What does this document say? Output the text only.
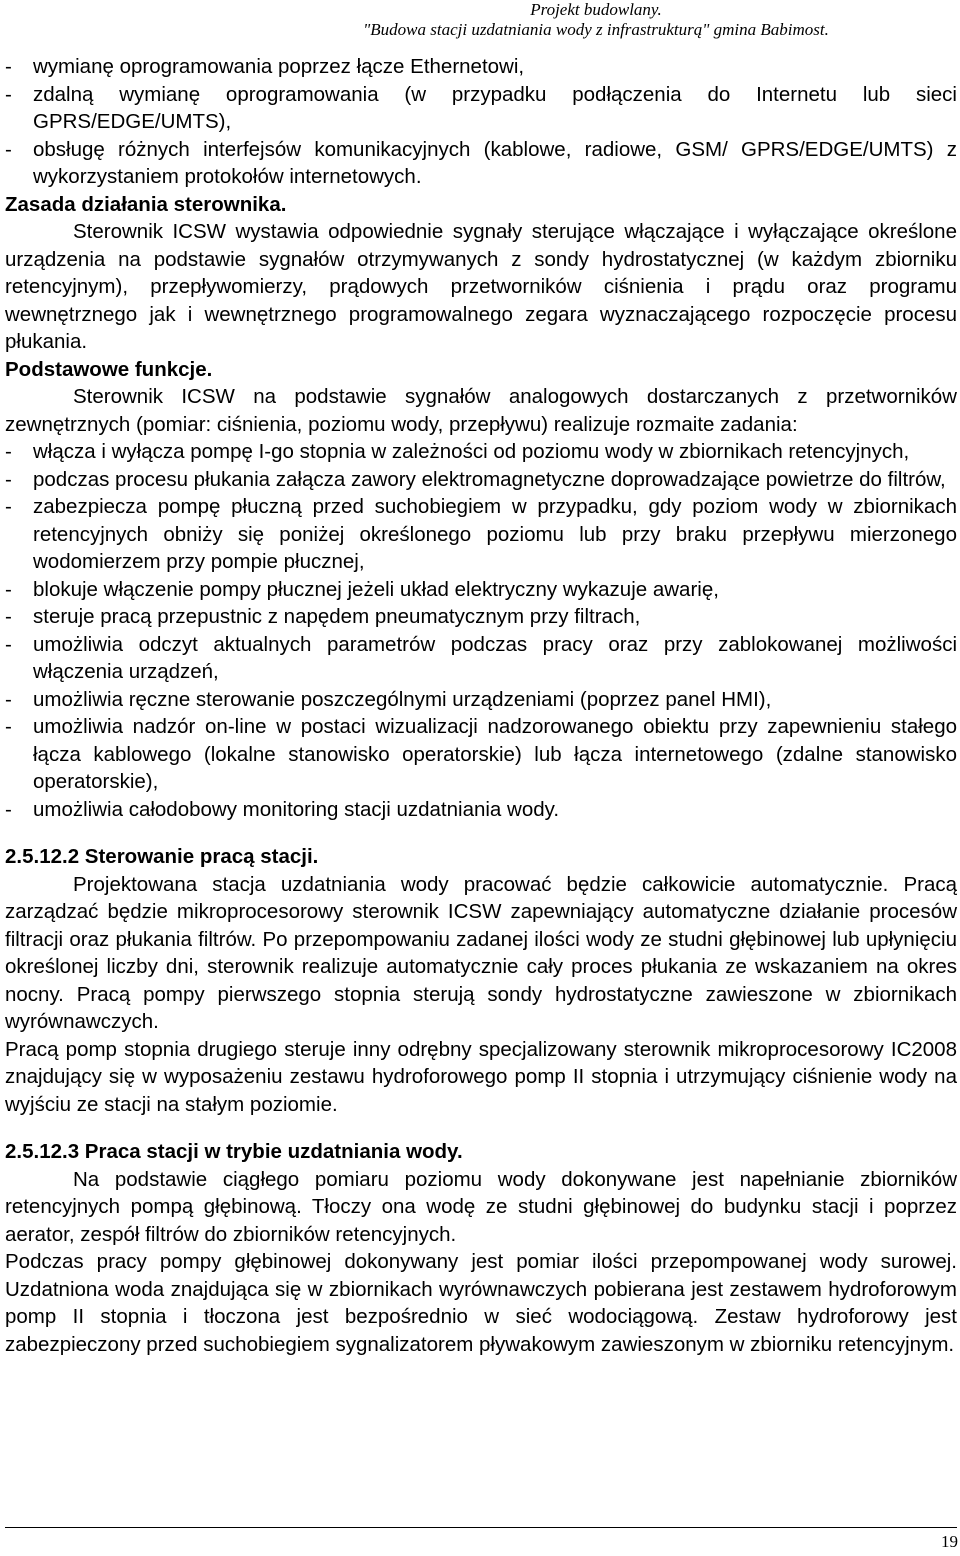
Projekt budowlany.
"Budowa stacji uzdatniania wody z infrastrukturą" gmina Babimost.
-	wymianę oprogramowania poprzez łącze Ethernetowi,
-	zdalną wymianę oprogramowania (w przypadku podłączenia do Internetu lub sieci GPRS/EDGE/UMTS),
-	obsługę różnych interfejsów komunikacyjnych (kablowe, radiowe, GSM/ GPRS/EDGE/UMTS) z wykorzystaniem protokołów internetowych.
Zasada działania sterownika.

Sterownik ICSW wystawia odpowiednie sygnały sterujące włączające i wyłączające określone urządzenia na podstawie sygnałów otrzymywanych z sondy hydrostatycznej (w każdym zbiorniku retencyjnym), przepływomierzy, prądowych przetworników ciśnienia i prądu oraz programu wewnętrznego jak i wewnętrznego programowalnego zegara wyznaczającego rozpoczęcie procesu płukania.

Podstawowe funkcje.

Sterownik ICSW na podstawie sygnałów analogowych dostarczanych z przetworników zewnętrznych (pomiar: ciśnienia, poziomu wody, przepływu) realizuje rozmaite zadania:

-	włącza i wyłącza pompę I-go stopnia w zależności od poziomu wody w zbiornikach retencyjnych,
-	podczas procesu płukania załącza zawory elektromagnetyczne doprowadzające powietrze do filtrów,
-	zabezpiecza pompę płuczną przed suchobiegiem w przypadku, gdy poziom wody w zbiornikach retencyjnych obniży się poniżej określonego poziomu lub przy braku przepływu mierzonego wodomierzem przy pompie płucznej,
-	blokuje włączenie pompy płucznej jeżeli układ elektryczny wykazuje awarię,
-	steruje pracą przepustnic z napędem pneumatycznym przy filtrach,
-	umożliwia odczyt aktualnych parametrów podczas pracy oraz przy zablokowanej możliwości włączenia urządzeń,
-	umożliwia ręczne sterowanie poszczególnymi urządzeniami (poprzez panel HMI),
-	umożliwia nadzór on-line w postaci wizualizacji nadzorowanego obiektu przy zapewnieniu stałego łącza kablowego (lokalne stanowisko operatorskie) lub łącza internetowego (zdalne stanowisko operatorskie),
-	umożliwia całodobowy monitoring stacji uzdatniania wody.
2.5.12.2 Sterowanie pracą stacji.

Projektowana stacja uzdatniania wody pracować będzie całkowicie automatycznie. Pracą zarządzać będzie mikroprocesorowy sterownik ICSW zapewniający automatyczne działanie procesów filtracji oraz płukania filtrów. Po przepompowaniu zadanej ilości wody ze studni głębinowej lub upłynięciu określonej liczby dni, sterownik realizuje automatycznie cały proces płukania ze wskazaniem na okres nocny. Pracą pompy pierwszego stopnia sterują sondy hydrostatyczne zawieszone w zbiornikach wyrównawczych.

Pracą pomp stopnia drugiego steruje inny odrębny specjalizowany sterownik mikroprocesorowy IC2008 znajdujący się w wyposażeniu zestawu hydroforowego pomp II stopnia i utrzymujący ciśnienie wody na wyjściu ze stacji na stałym poziomie.

2.5.12.3 Praca stacji w trybie uzdatniania wody.

Na podstawie ciągłego pomiaru poziomu wody dokonywane jest napełnianie zbiorników retencyjnych pompą głębinową. Tłoczy ona wodę ze studni głębinowej do budynku stacji i poprzez aerator, zespół filtrów do zbiorników retencyjnych.

Podczas pracy pompy głębinowej dokonywany jest pomiar ilości przepompowanej wody surowej. Uzdatniona woda znajdująca się w zbiornikach wyrównawczych pobierana jest zestawem hydroforowym pomp II stopnia i tłoczona jest bezpośrednio w sieć wodociągową. Zestaw hydroforowy jest zabezpieczony przed suchobiegiem sygnalizatorem pływakowym zawieszonym w zbiorniku retencyjnym.

19
